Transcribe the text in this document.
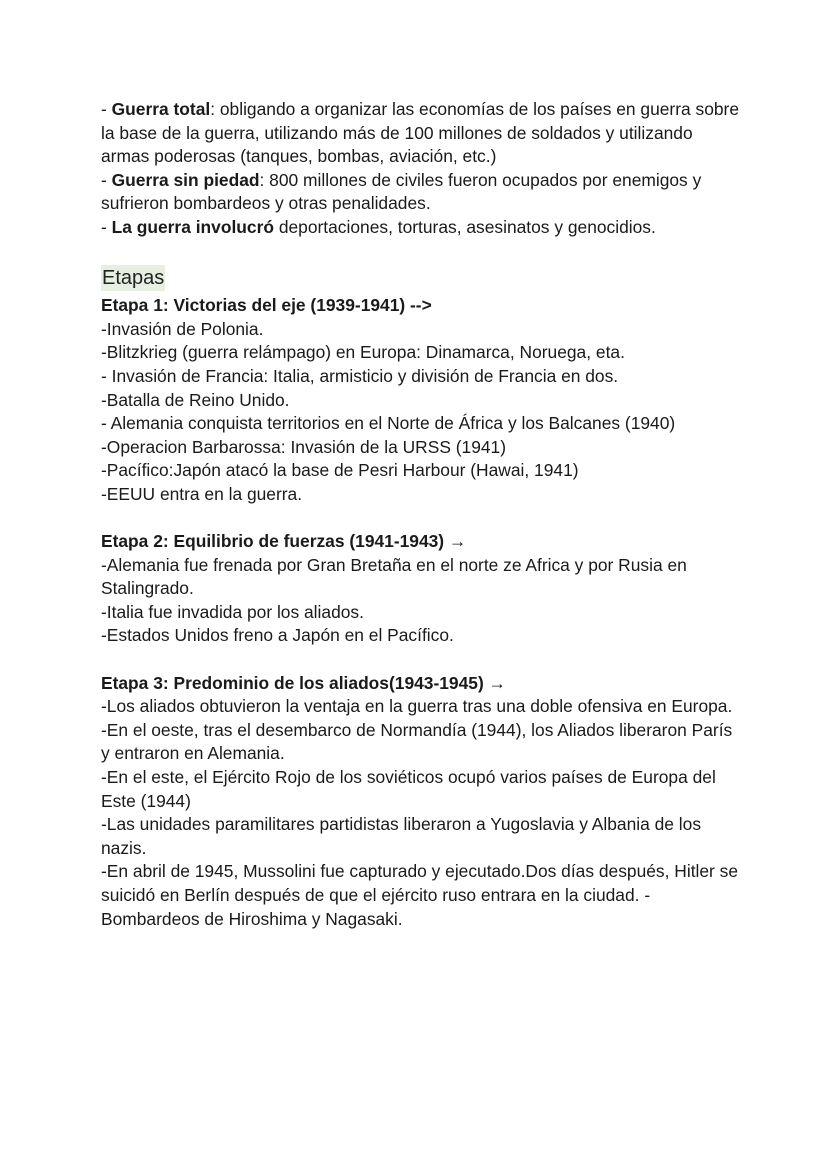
- Guerra total: obligando a organizar las economías de los países en guerra sobre la base de la guerra, utilizando más de 100 millones de soldados y utilizando armas poderosas (tanques, bombas, aviación, etc.)

- Guerra sin piedad: 800 millones de civiles fueron ocupados por enemigos y sufrieron bombardeos y otras penalidades.

- La guerra involucró deportaciones, torturas, asesinatos y genocidios.

Etapas

Etapa 1: Victorias del eje (1939-1941) -->

-Invasión de Polonia.

-Blitzkrieg (guerra relámpago) en Europa: Dinamarca, Noruega, eta.

- Invasión de Francia: Italia, armisticio y división de Francia en dos.

-Batalla de Reino Unido.

- Alemania conquista territorios en el Norte de África y los Balcanes (1940)

-Operacion Barbarossa: Invasión de la URSS (1941)

-Pacífico:Japón atacó la base de Pesri Harbour (Hawai, 1941)

-EEUU entra en la guerra.

Etapa 2: Equilibrio de fuerzas (1941-1943) →

-Alemania fue frenada por Gran Bretaña en el norte ze Africa y por Rusia en Stalingrado.

-Italia fue invadida por los aliados.

-Estados Unidos freno a Japón en el Pacífico.

Etapa 3: Predominio de los aliados(1943-1945) →

-Los aliados obtuvieron la ventaja en la guerra tras una doble ofensiva en Europa.

-En el oeste, tras el desembarco de Normandía (1944), los Aliados liberaron París y entraron en Alemania.

-En el este, el Ejército Rojo de los soviéticos ocupó varios países de Europa del Este (1944)

-Las unidades paramilitares partidistas liberaron a Yugoslavia y Albania de los nazis.

-En abril de 1945, Mussolini fue capturado y ejecutado.Dos días después, Hitler se suicidó en Berlín después de que el ejército ruso entrara en la ciudad. -Bombardeos de Hiroshima y Nagasaki.
